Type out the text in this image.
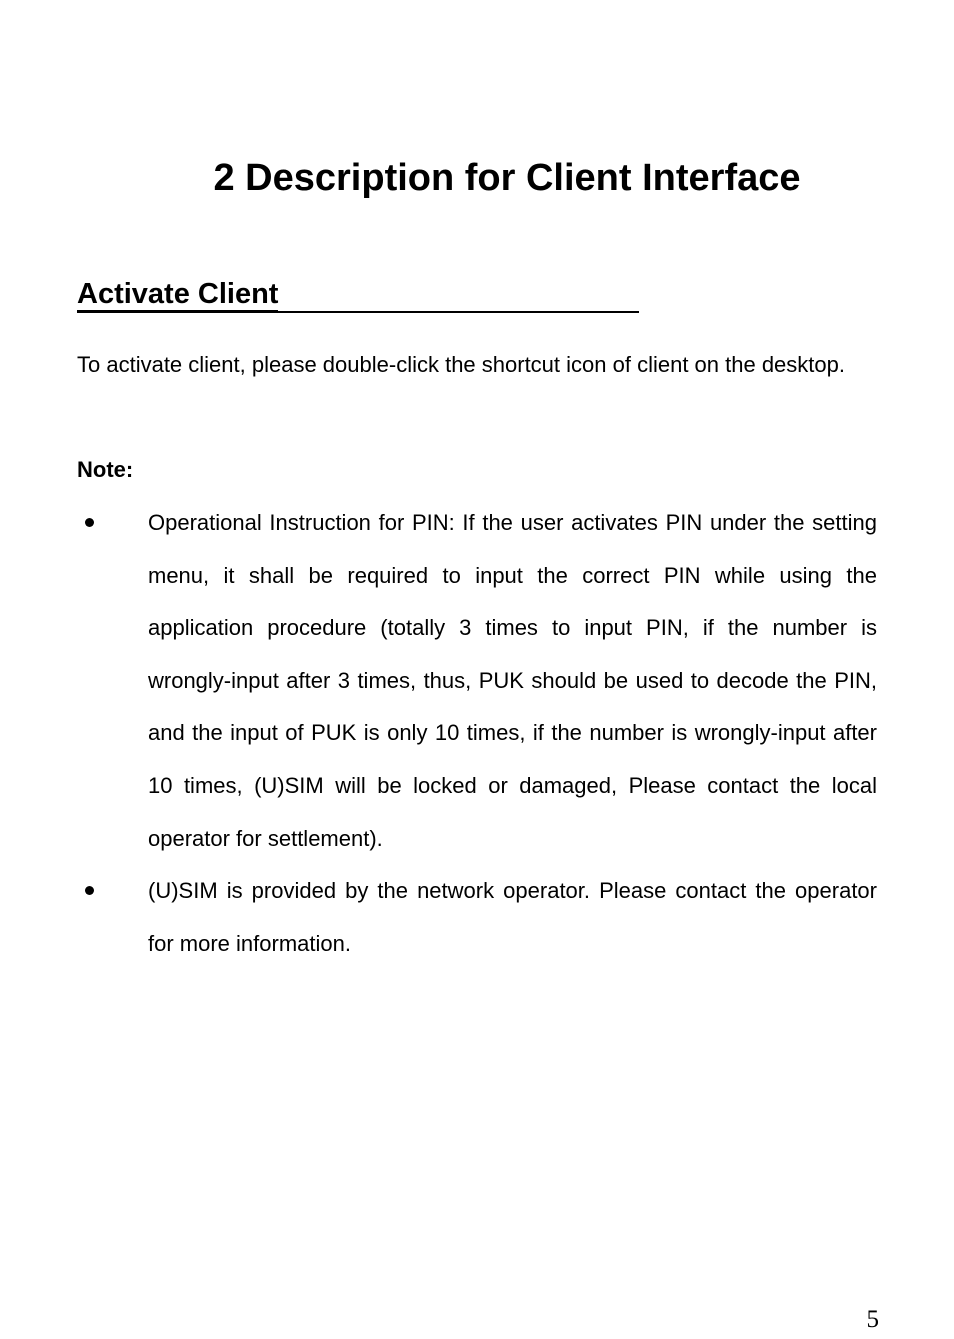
2 Description for Client Interface
Activate Client

To activate client, please double-click the shortcut icon of client on the desktop.

Note:

Operational Instruction for PIN: If the user activates PIN under the setting menu, it shall be required to input the correct PIN while using the application procedure (totally 3 times to input PIN, if the number is wrongly-input after 3 times, thus, PUK should be used to decode the PIN, and the input of PUK is only 10 times, if the number is wrongly-input after 10 times, (U)SIM will be locked or damaged, Please contact the local operator for settlement).
(U)SIM is provided by the network operator. Please contact the operator for more information.
5
